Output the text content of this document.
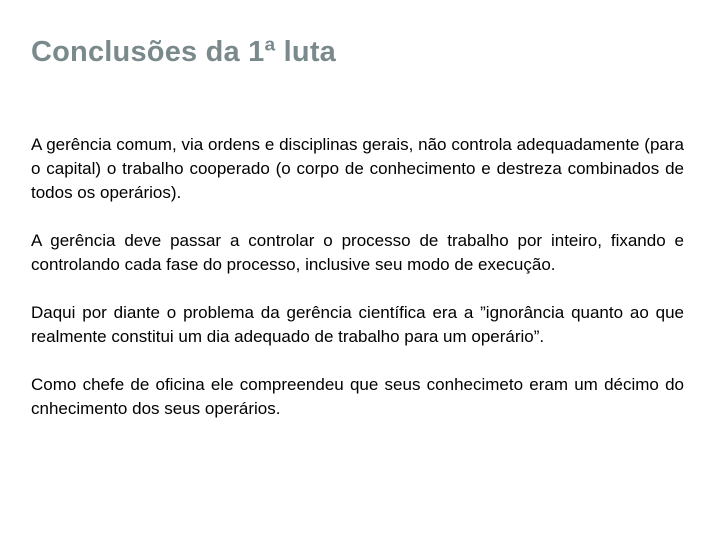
Conclusões da 1ª luta

A gerência comum, via ordens e disciplinas gerais, não controla adequadamente (para o capital) o trabalho cooperado (o corpo de conhecimento e destreza combinados de todos os operários).

A gerência deve passar a controlar o processo de trabalho por inteiro, fixando e controlando cada fase do processo, inclusive seu modo de execução.

Daqui por diante o problema da gerência científica era a ”ignorância quanto ao que realmente constitui um dia adequado de trabalho para um operário”.

Como chefe de oficina ele compreendeu que seus conhecimeto eram um décimo do cnhecimento dos seus operários.
